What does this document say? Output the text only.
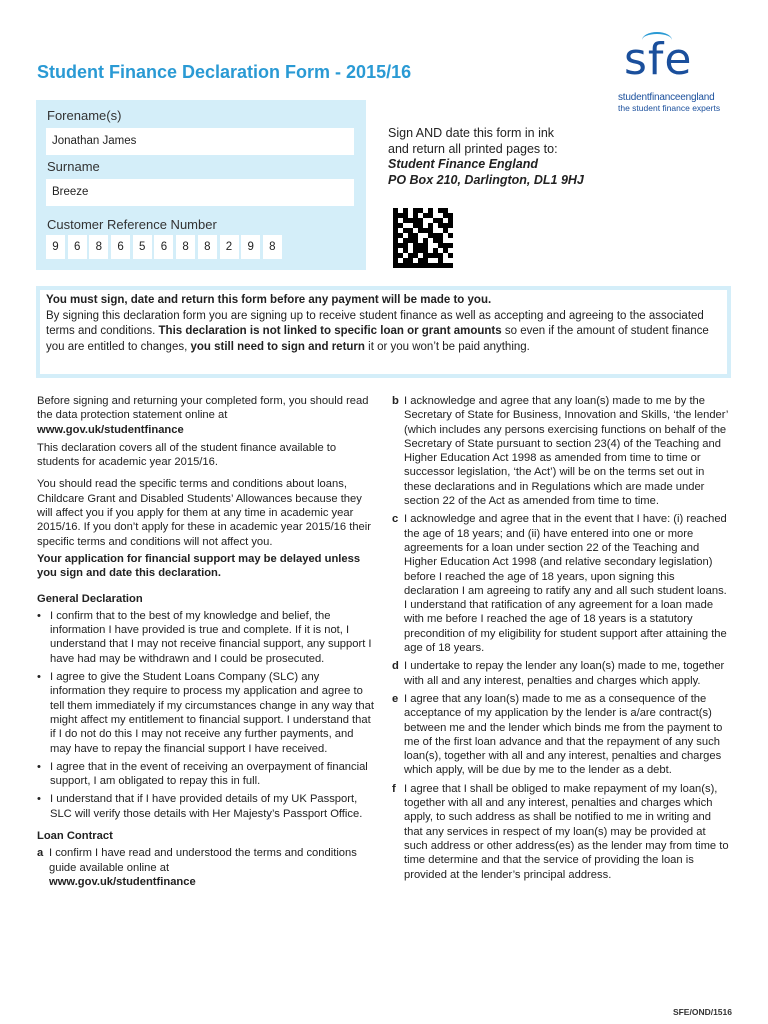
Student Finance Declaration Form - 2015/16	sfe
studentfinanceengland
the student finance experts
Forename(s)
Jonathan James
Surname
Breeze
Customer Reference Number
9	6	8	6	5	6	8	8	2	9	8
Sign AND date this form in ink
and return all printed pages to:
Student Finance England
PO Box 210, Darlington, DL1 9HJ
You must sign, date and return this form before any payment will be made to you.
By signing this declaration form you are signing up to receive student finance as well as accepting and agreeing to the associated terms and conditions. This declaration is not linked to specific loan or grant amounts so even if the amount of student finance you are entitled to changes, you still need to sign and return it or you won’t be paid anything.

Before signing and returning your completed form, you should read the data protection statement online at

www.gov.uk/studentfinance

This declaration covers all of the student finance available to students for academic year 2015/16.

You should read the specific terms and conditions about loans, Childcare Grant and Disabled Students’ Allowances because they will affect you if you apply for them at any time in academic year 2015/16. If you don’t apply for these in academic year 2015/16 their specific terms and conditions will not affect you.

Your application for financial support may be delayed unless you sign and date this declaration.

General Declaration

• I confirm that to the best of my knowledge and belief, the information I have provided is true and complete. If it is not, I understand that I may not receive financial support, any support I have had may be withdrawn and I could be prosecuted.
• I agree to give the Student Loans Company (SLC) any information they require to process my application and agree to tell them immediately if my circumstances change in any way that might affect my entitlement to financial support. I understand that if I do not do this I may not receive any further payments, and may have to repay the financial support I have received.
• I agree that in the event of receiving an overpayment of financial support, I am obligated to repay this in full.
• I understand that if I have provided details of my UK Passport, SLC will verify those details with Her Majesty’s Passport Office.

Loan Contract

a I confirm I have read and understood the terms and conditions guide available online at
www.gov.uk/studentfinance
b I acknowledge and agree that any loan(s) made to me by the Secretary of State for Business, Innovation and Skills, ‘the lender’ (which includes any persons exercising functions on behalf of the Secretary of State pursuant to section 23(4) of the Teaching and Higher Education Act 1998 as amended from time to time or successor legislation, ‘the Act’) will be on the terms set out in these declarations and in Regulations which are made under section 22 of the Act as amended from time to time.
c I acknowledge and agree that in the event that I have: (i) reached the age of 18 years; and (ii) have entered into one or more agreements for a loan under section 22 of the Teaching and Higher Education Act 1998 (and relative secondary legislation) before I reached the age of 18 years, upon signing this declaration I am agreeing to ratify any and all such student loans. I understand that ratification of any agreement for a loan made with me before I reached the age of 18 years is a statutory precondition of my eligibility for student support after attaining the age of 18 years.
d I undertake to repay the lender any loan(s) made to me, together with all and any interest, penalties and charges which apply.
e I agree that any loan(s) made to me as a consequence of the acceptance of my application by the lender is a/are contract(s) between me and the lender which binds me from the payment to me of the first loan advance and that the repayment of any such loan(s), together with all and any interest, penalties and charges which apply, will be due by me to the lender as a debt.
f I agree that I shall be obliged to make repayment of my loan(s), together with all and any interest, penalties and charges which apply, to such address as shall be notified to me in writing and that any services in respect of my loan(s) may be provided at such address or other address(es) as the lender may from time to time determine and that the service of providing the loan is provided at the lender’s principal address.
SFE/OND/1516
